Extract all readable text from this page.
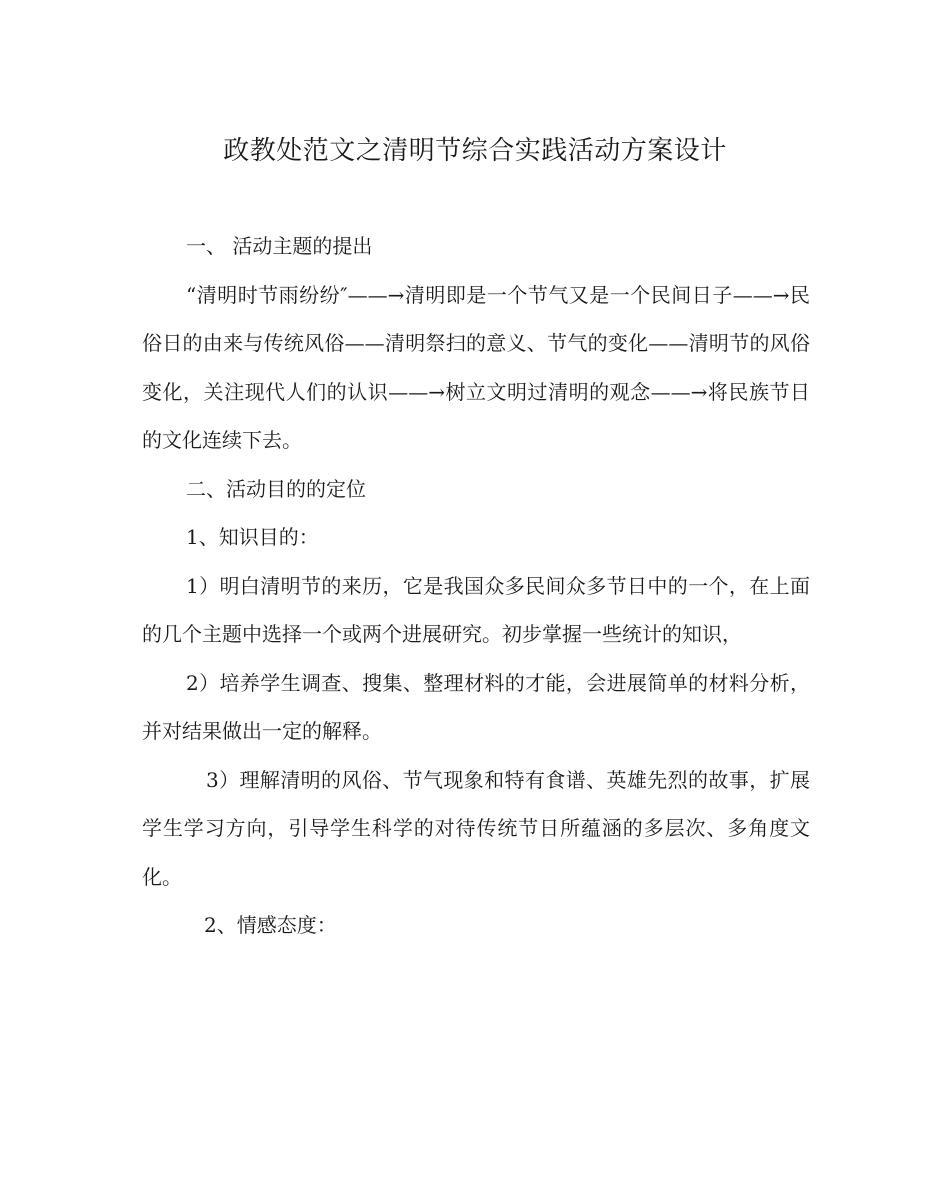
政教处范文之清明节综合实践活动方案设计

一、 活动主题的提出

“清明时节雨纷纷″——→清明即是一个节气又是一个民间日子——→民俗日的由来与传统风俗——清明祭扫的意义、节气的变化——清明节的风俗变化，关注现代人们的认识——→树立文明过清明的观念——→将民族节日的文化连续下去。

二、活动目的的定位

1、知识目的：

1）明白清明节的来历，它是我国众多民间众多节日中的一个，在上面的几个主题中选择一个或两个进展研究。初步掌握一些统计的知识，

2）培养学生调查、搜集、整理材料的才能，会进展简单的材料分析，并对结果做出一定的解释。

3）理解清明的风俗、节气现象和特有食谱、英雄先烈的故事，扩展学生学习方向，引导学生科学的对待传统节日所蕴涵的多层次、多角度文化。

2、情感态度：
